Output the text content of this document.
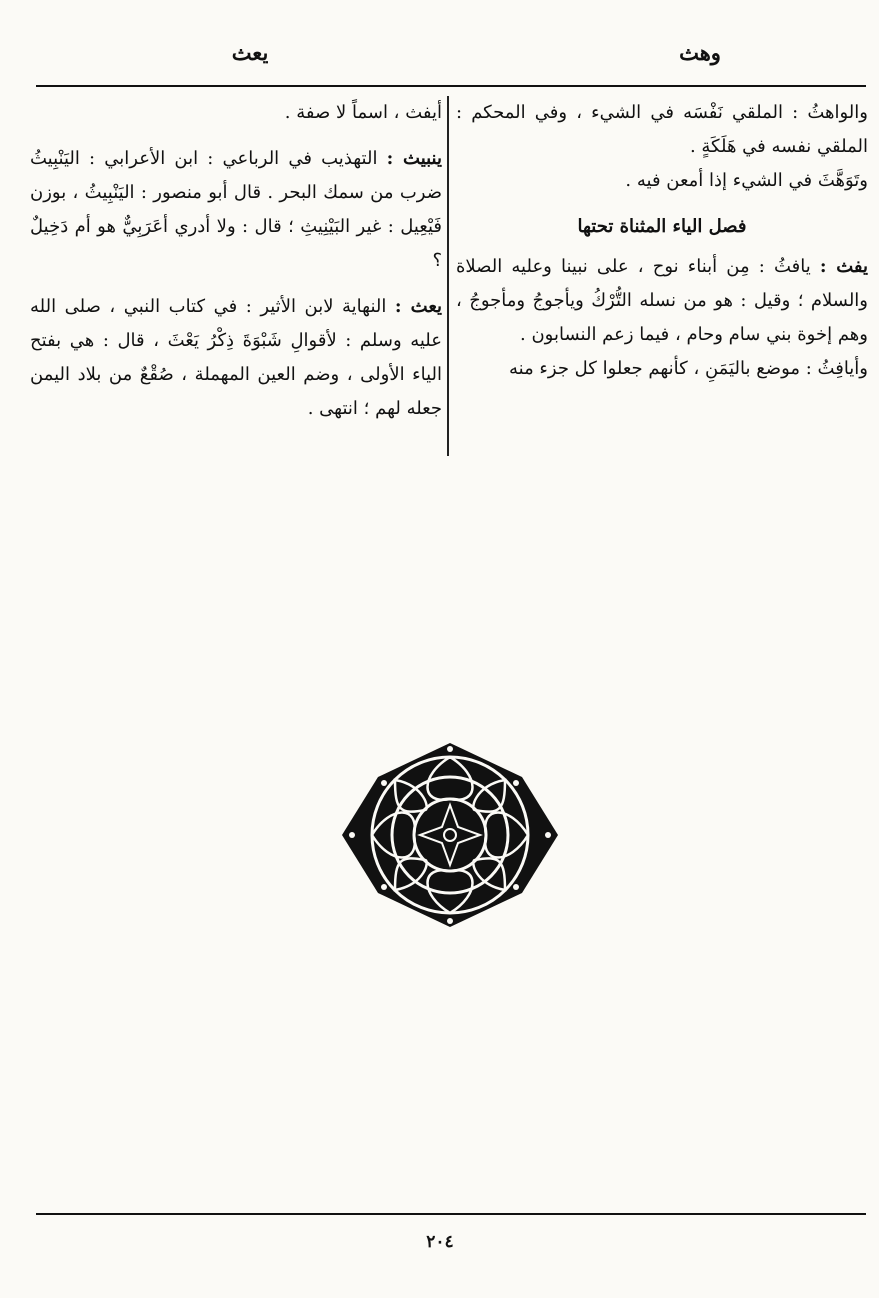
وهث
يعث

والواهثُ : الملقي نَفْسَه في الشيء ، وفي المحكم : الملقي نفسه في هَلَكَةٍ .

وتَوَهَّثَ في الشيء إذا أمعن فيه .

فصل الياء المثناة تحتها

يفث : يافثُ : مِن أبناء نوح ، على نبينا وعليه الصلاة والسلام ؛ وقيل : هو من نسله التُّرْكُ ويأجوجُ ومأجوجُ ، وهم إخوة بني سام وحام ، فيما زعم النسابون .

وأيافِثُ : موضع باليَمَنِ ، كأنهم جعلوا كل جزء منه

أيفث ، اسماً لا صفة .

ينبيث : التهذيب في الرباعي : ابن الأعرابي : اليَنْبِيثُ ضرب من سمك البحر . قال أبو منصور : اليَنْبِيثُ ، بوزن فَيْعِيل : غير البَيْنِيثِ ؛ قال : ولا أدري أعَرَبِيٌّ هو أم دَخِيلٌ ؟

يعث : النهاية لابن الأثير : في كتاب النبي ، صلى الله عليه وسلم : لأقوالِ شَبْوَةَ ذِكْرُ يَعْثَ ، قال : هي بفتح الياء الأولى ، وضم العين المهملة ، صُقْعٌ من بلاد اليمن جعله لهم ؛ انتهى .

٢٠٤
